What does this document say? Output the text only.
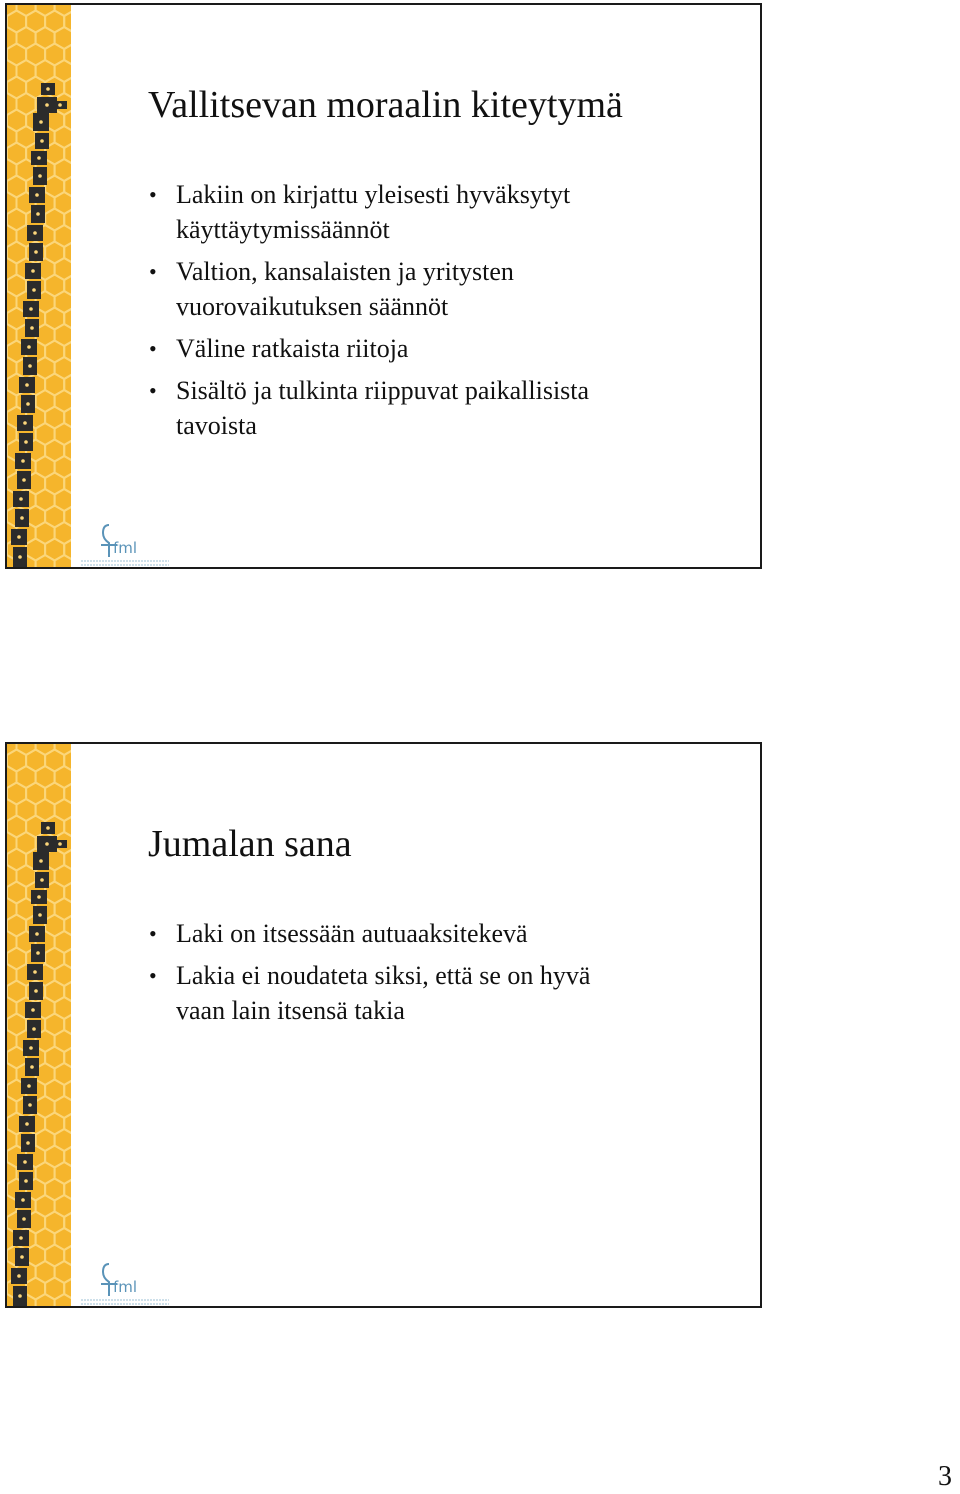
Vallitsevan moraalin kiteytymä
• Lakiin on kirjattu yleisesti hyväksytyt
käyttäytymissäännöt
• Valtion, kansalaisten ja yritysten
vuorovaikutuksen säännöt
• Väline ratkaista riitoja
• Sisältö ja tulkinta riippuvat paikallisista
tavoista
fml
Jumalan sana
• Laki on itsessään autuaaksitekevä
• Lakia ei noudateta siksi, että se on hyvä
vaan lain itsensä takia
fml
3
